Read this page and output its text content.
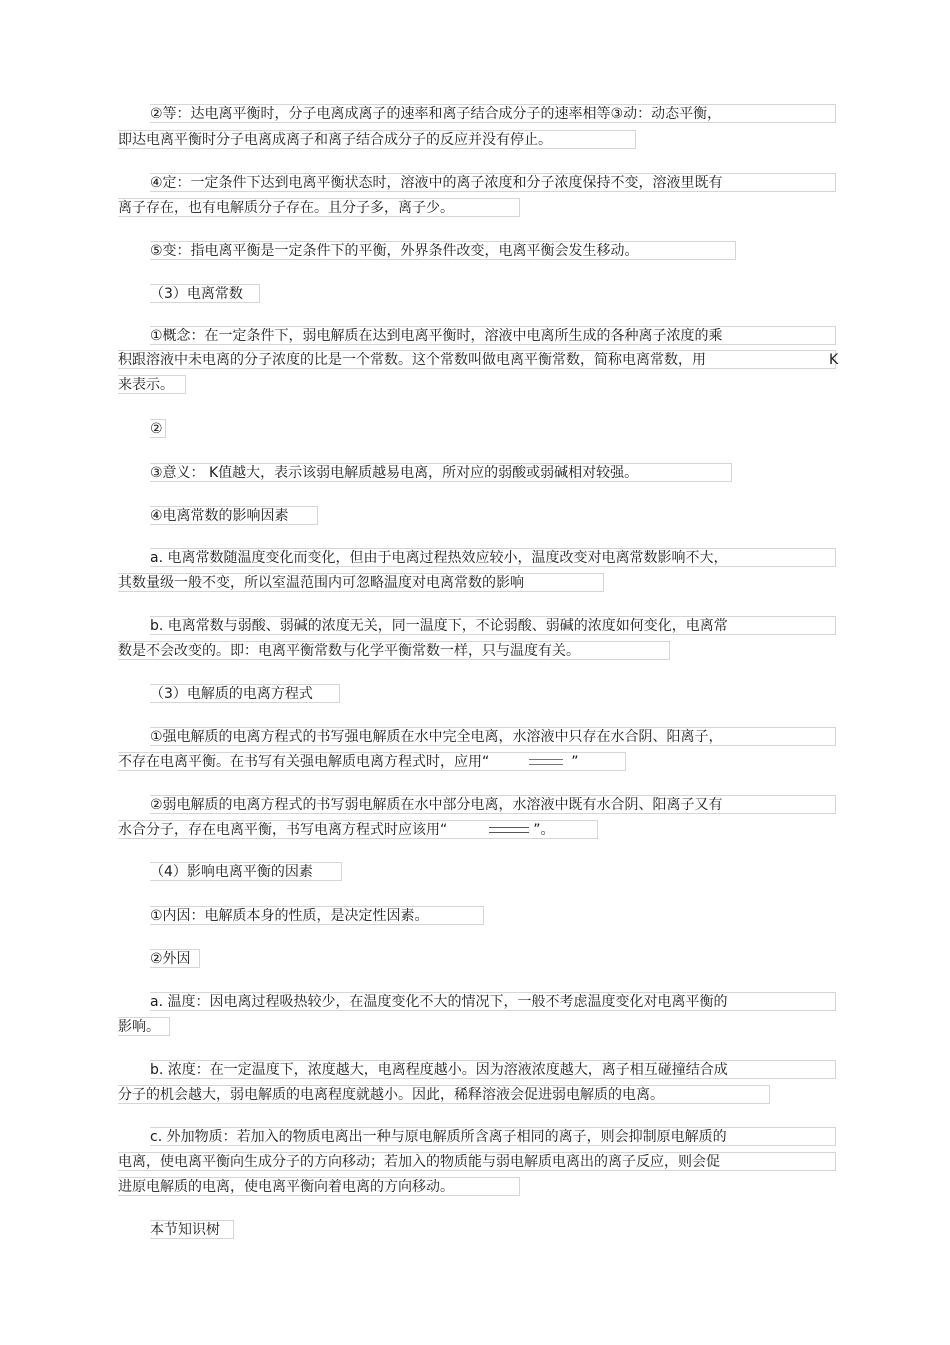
②等：达电离平衡时，分子电离成离子的速率和离子结合成分子的速率相等③动：动态平衡，
即达电离平衡时分子电离成离子和离子结合成分子的反应并没有停止。
④定：一定条件下达到电离平衡状态时，溶液中的离子浓度和分子浓度保持不变，溶液里既有
离子存在，也有电解质分子存在。且分子多，离子少。
⑤变：指电离平衡是一定条件下的平衡，外界条件改变，电离平衡会发生移动。
（3）电离常数
①概念：在一定条件下，弱电解质在达到电离平衡时，溶液中电离所生成的各种离子浓度的乘
积跟溶液中未电离的分子浓度的比是一个常数。这个常数叫做电离平衡常数，简称电离常数，用	K
来表示。
②
③意义： K值越大，表示该弱电解质越易电离，所对应的弱酸或弱碱相对较强。
④电离常数的影响因素
a. 电离常数随温度变化而变化，但由于电离过程热效应较小，温度改变对电离常数影响不大，
其数量级一般不变，所以室温范围内可忽略温度对电离常数的影响
b. 电离常数与弱酸、弱碱的浓度无关，同一温度下，不论弱酸、弱碱的浓度如何变化，电离常
数是不会改变的。即：电离平衡常数与化学平衡常数一样，只与温度有关。
（3）电解质的电离方程式
①强电解质的电离方程式的书写强电解质在水中完全电离，水溶液中只存在水合阴、阳离子，
不存在电离平衡。在书写有关强电解质电离方程式时，应用“	”
②弱电解质的电离方程式的书写弱电解质在水中部分电离，水溶液中既有水合阴、阳离子又有
水合分子，存在电离平衡，书写电离方程式时应该用“	”。
（4）影响电离平衡的因素
①内因：电解质本身的性质，是决定性因素。
②外因
a. 温度：因电离过程吸热较少，在温度变化不大的情况下，一般不考虑温度变化对电离平衡的
影响。
b. 浓度：在一定温度下，浓度越大，电离程度越小。因为溶液浓度越大，离子相互碰撞结合成
分子的机会越大，弱电解质的电离程度就越小。因此，稀释溶液会促进弱电解质的电离。
c. 外加物质：若加入的物质电离出一种与原电解质所含离子相同的离子，则会抑制原电解质的
电离，使电离平衡向生成分子的方向移动；若加入的物质能与弱电解质电离出的离子反应，则会促
进原电解质的电离，使电离平衡向着电离的方向移动。
本节知识树
